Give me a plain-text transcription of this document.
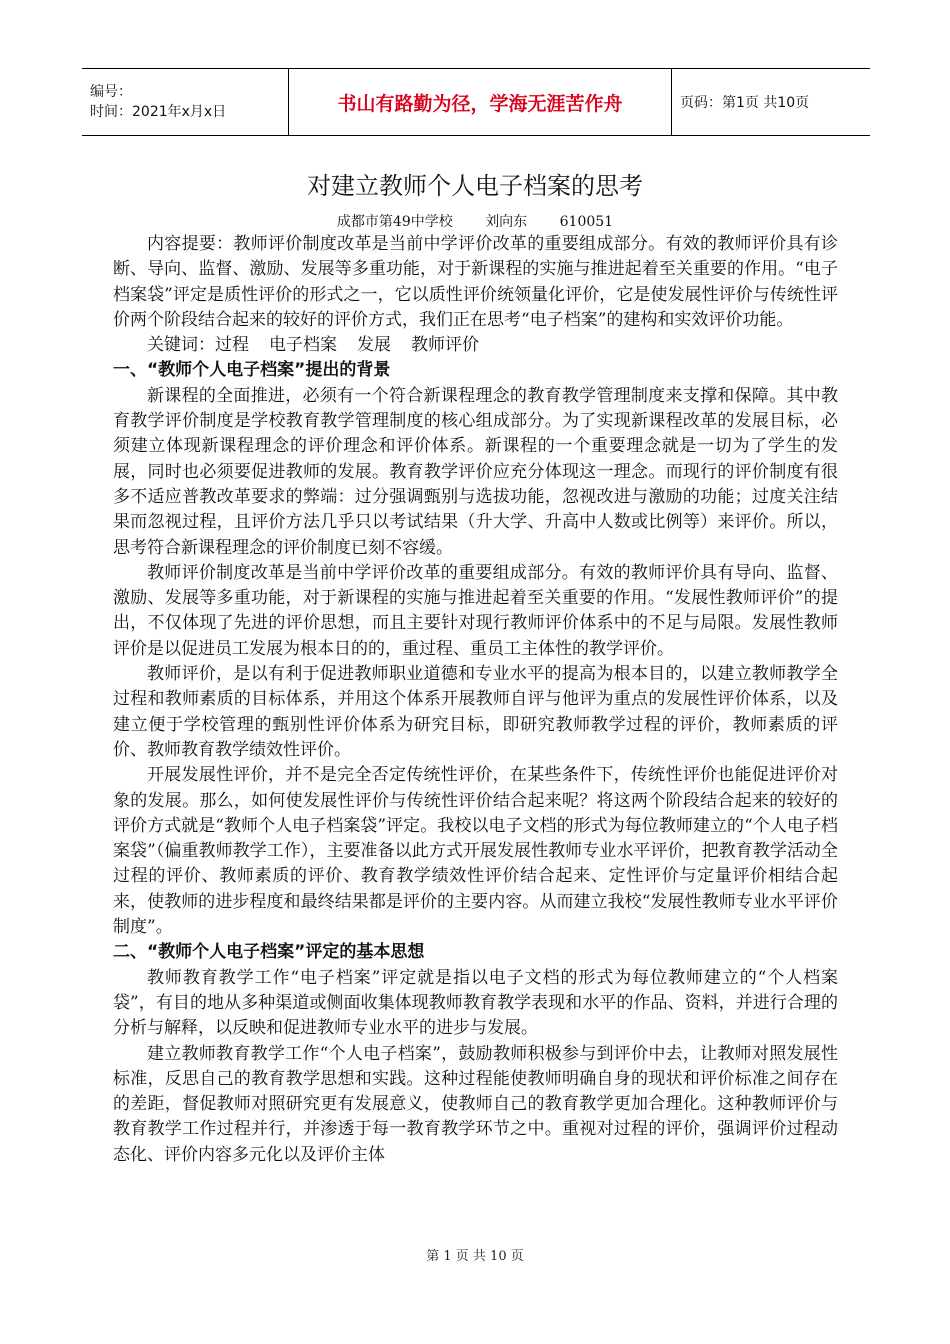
编号：
时间：2021年x月x日	书山有路勤为径，学海无涯苦作舟	页码：第1页 共10页
对建立教师个人电子档案的思考
成都市第49中学校 刘向东 610051

内容提要：教师评价制度改革是当前中学评价改革的重要组成部分。有效的教师评价具有诊断、导向、监督、激励、发展等多重功能，对于新课程的实施与推进起着至关重要的作用。“电子档案袋”评定是质性评价的形式之一，它以质性评价统领量化评价，它是使发展性评价与传统性评价两个阶段结合起来的较好的评价方式，我们正在思考“电子档案”的建构和实效评价功能。

关键词：过程 电子档案 发展 教师评价

一、“教师个人电子档案”提出的背景

新课程的全面推进，必须有一个符合新课程理念的教育教学管理制度来支撑和保障。其中教育教学评价制度是学校教育教学管理制度的核心组成部分。为了实现新课程改革的发展目标，必须建立体现新课程理念的评价理念和评价体系。新课程的一个重要理念就是一切为了学生的发展，同时也必须要促进教师的发展。教育教学评价应充分体现这一理念。而现行的评价制度有很多不适应普教改革要求的弊端：过分强调甄别与选拔功能，忽视改进与激励的功能；过度关注结果而忽视过程，且评价方法几乎只以考试结果（升大学、升高中人数或比例等）来评价。所以，思考符合新课程理念的评价制度已刻不容缓。

教师评价制度改革是当前中学评价改革的重要组成部分。有效的教师评价具有导向、监督、激励、发展等多重功能，对于新课程的实施与推进起着至关重要的作用。“发展性教师评价”的提出，不仅体现了先进的评价思想，而且主要针对现行教师评价体系中的不足与局限。发展性教师评价是以促进员工发展为根本日的的，重过程、重员工主体性的教学评价。

教师评价，是以有利于促进教师职业道德和专业水平的提高为根本目的，以建立教师教学全过程和教师素质的目标体系，并用这个体系开展教师自评与他评为重点的发展性评价体系，以及建立便于学校管理的甄别性评价体系为研究目标，即研究教师教学过程的评价，教师素质的评价、教师教育教学绩效性评价。

开展发展性评价，并不是完全否定传统性评价，在某些条件下，传统性评价也能促进评价对象的发展。那么，如何使发展性评价与传统性评价结合起来呢？将这两个阶段结合起来的较好的评价方式就是“教师个人电子档案袋”评定。我校以电子文档的形式为每位教师建立的“个人电子档案袋”（偏重教师教学工作），主要准备以此方式开展发展性教师专业水平评价，把教育教学活动全过程的评价、教师素质的评价、教育教学绩效性评价结合起来、定性评价与定量评价相结合起来，使教师的进步程度和最终结果都是评价的主要内容。从而建立我校“发展性教师专业水平评价制度”。

二、“教师个人电子档案”评定的基本思想

教师教育教学工作“电子档案”评定就是指以电子文档的形式为每位教师建立的“个人档案袋”，有目的地从多种渠道或侧面收集体现教师教育教学表现和水平的作品、资料，并进行合理的分析与解释，以反映和促进教师专业水平的进步与发展。

建立教师教育教学工作“个人电子档案”，鼓励教师积极参与到评价中去，让教师对照发展性标准，反思自己的教育教学思想和实践。这种过程能使教师明确自身的现状和评价标准之间存在的差距，督促教师对照研究更有发展意义，使教师自己的教育教学更加合理化。这种教师评价与教育教学工作过程并行，并渗透于每一教育教学环节之中。重视对过程的评价，强调评价过程动态化、评价内容多元化以及评价主体

第 1 页 共 10 页
